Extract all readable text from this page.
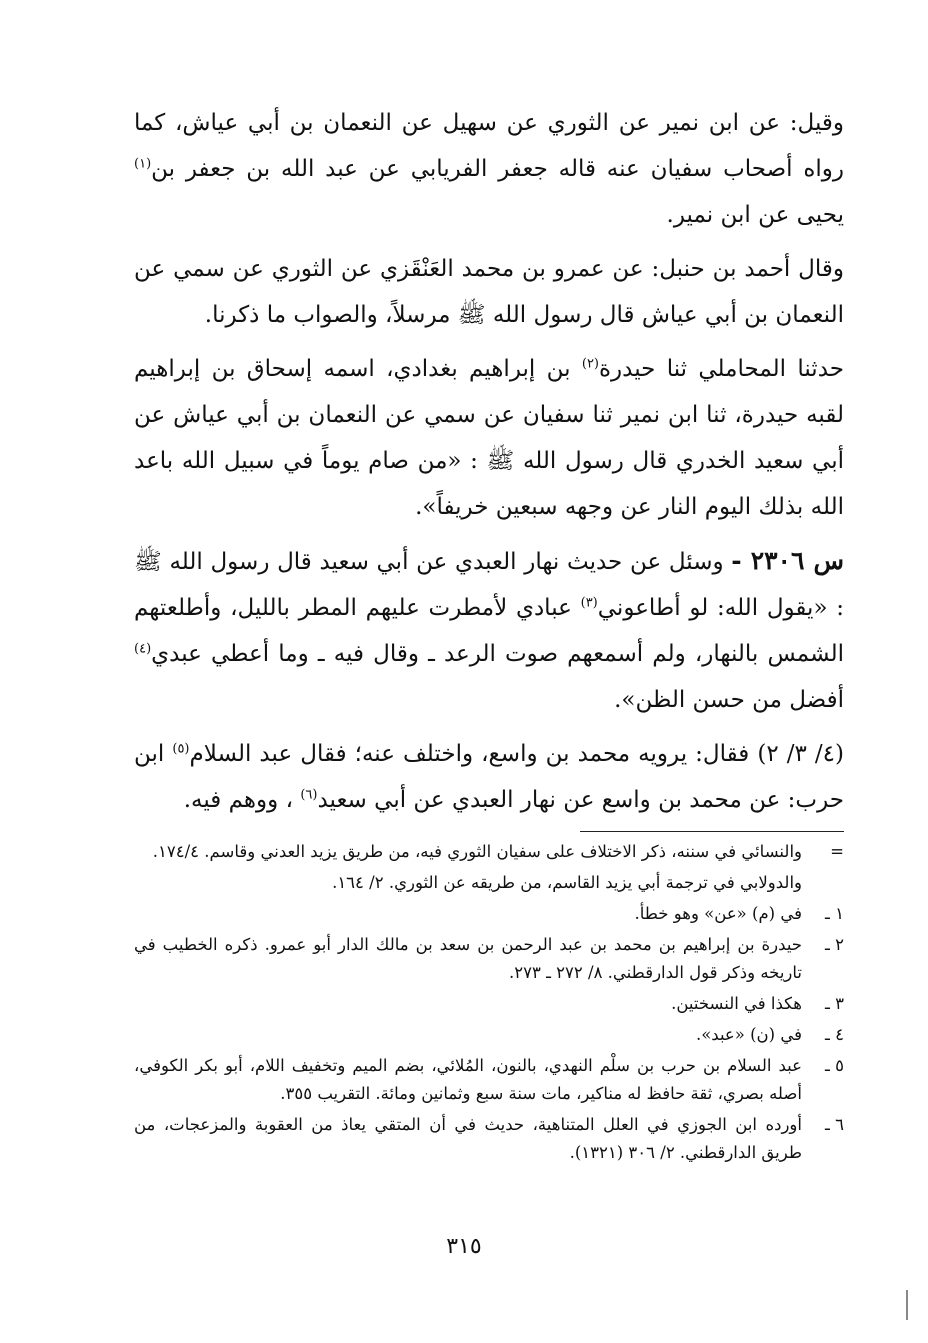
وقيل: عن ابن نمير عن الثوري عن سهيل عن النعمان بن أبي عياش، كما رواه أصحاب سفيان عنه قاله جعفر الفريابي عن عبد الله بن جعفر بن$^{(١)}$ يحيى عن ابن نمير.

وقال أحمد بن حنبل: عن عمرو بن محمد العَنْقَزي عن الثوري عن سمي عن النعمان بن أبي عياش قال رسول الله ﷺ مرسلاً، والصواب ما ذكرنا.

حدثنا المحاملي ثنا حيدرة$^{(٢)}$ بن إبراهيم بغدادي، اسمه إسحاق بن إبراهيم لقبه حيدرة، ثنا ابن نمير ثنا سفيان عن سمي عن النعمان بن أبي عياش عن أبي سعيد الخدري قال رسول الله ﷺ : «من صام يوماً في سبيل الله باعد الله بذلك اليوم النار عن وجهه سبعين خريفاً».

س ٢٣٠٦ - وسئل عن حديث نهار العبدي عن أبي سعيد قال رسول الله ﷺ : «يقول الله: لو أطاعوني$^{(٣)}$ عبادي لأمطرت عليهم المطر بالليل، وأطلعتهم الشمس بالنهار، ولم أسمعهم صوت الرعد ـ وقال فيه ـ وما أعطي عبدي$^{(٤)}$ أفضل من حسن الظن».

(٤/ ٣/ ٢) فقال: يرويه محمد بن واسع، واختلف عنه؛ فقال عبد السلام$^{(٥)}$ ابن حرب: عن محمد بن واسع عن نهار العبدي عن أبي سعيد$^{(٦)}$ ، ووهم فيه.

=
والنسائي في سننه، ذكر الاختلاف على سفيان الثوري فيه، من طريق يزيد العدني وقاسم. ١٧٤/٤.
والدولابي في ترجمة أبي يزيد القاسم، من طريقه عن الثوري. ٢/ ١٦٤.
١ ـ
في (م) «عن» وهو خطأ.
٢ ـ
حيدرة بن إبراهيم بن محمد بن عبد الرحمن بن سعد بن مالك الدار أبو عمرو. ذكره الخطيب في تاريخه وذكر قول الدارقطني. ٨/ ٢٧٢ ـ ٢٧٣.
٣ ـ
هكذا في النسختين.
٤ ـ
في (ن) «عبد».
٥ ـ
عبد السلام بن حرب بن سلْم النهدي، بالنون، المُلائي، بضم الميم وتخفيف اللام، أبو بكر الكوفي، أصله بصري، ثقة حافظ له مناكير، مات سنة سبع وثمانين ومائة. التقريب ٣٥٥.
٦ ـ
أورده ابن الجوزي في العلل المتناهية، حديث في أن المتقي يعاذ من العقوبة والمزعجات، من طريق الدارقطني. ٢/ ٣٠٦ (١٣٢١).
٣١٥
